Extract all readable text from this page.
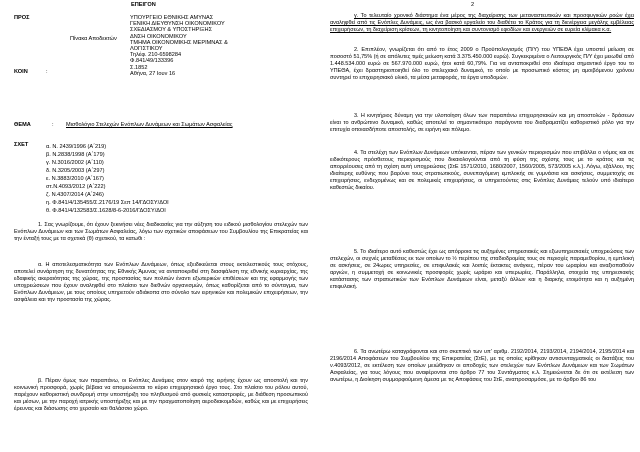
ΕΠΕΙΓΟΝ
ΠΡΟΣ
Πίνακα Αποδεκτών
ΚΟΙΝ	:
ΥΠΟΥΡΓΕΙΟ ΕΘΝΙΚΗΣ ΑΜΥΝΑΣ
ΓΕΝΙΚΗ ΔΙΕΥΘΥΝΣΗ ΟΙΚΟΝΟΜΙΚΟΥ
ΣΧΕΔΙΑΣΜΟΥ & ΥΠΟΣΤΗΡΙΞΗΣ
ΔΝΣΗ ΟΙΚΟΝΟΜΙΚΟΥ
ΤΜΗΜΑ ΟΙΚΟΝΟΜΙΚΗΣ ΜΕΡΙΜΝΑΣ &
ΛΟΓΙΣΤΙΚΟΥ
Τηλέφ. 210-6598284
Φ.841/49/133396
Σ.1852
Αθήνα, 27 Ιουν 16
ΘΕΜΑ	: Μισθολόγιο Στελεχών Ενόπλων Δυνάμεων και Σωμάτων Ασφαλείας
ΣΧΕΤ	α. Ν. 2439/1996 (Α΄219)
β. Ν.2838/1998 (Α΄179)
γ. Ν.3016/2002 (Α΄110)
δ. Ν.3205/2003 (Α΄297)
ε. Ν.3883/2010 (Α΄167)
στ.Ν.4093/2012 (Α΄222)
ζ. Ν.4307/2014 (Α΄246)
η. Φ.841/4/135455/Σ.2176/19 Σεπ 14/ΓΔΟΣΥ/ΔΟΙ
θ. Φ.841/4/132583/Σ.1628/8-6-2016/ΓΔΟΣΥ/ΔΟΙ
1. Σας γνωρίζουμε, ότι έχουν ξεκινήσει νέες διαδικασίες για την αύξηση του ειδικού μισθολογίου στελεχών των Ενόπλων Δυνάμεων και των Σωμάτων Ασφαλείας, λόγω των σχετικών αποφάσεων του Συμβουλίου της Επικρατείας και την ένταξή τους με τα σχετικά (θ) σχετικού, τα κατωθι :
α. Η αποτελεσματικότητα των Ενόπλων Δυνάμεων, όπως εξειδικεύεται στους εκτελεστικούς τους στόχους, αποτελεί συνάρτηση της δυνατότητας της Εθνικής Άμυνας να ανταποκριθεί στη διασφάλιση της εθνικής κυριαρχίας, της εδαφικής ακεραιότητας της χώρας, της προστασίας των πολιτών έναντι εξωτερικών επιθέσεων και της εφαρμογής των υποχρεώσεων που έχουν αναληφθεί στο πλαίσιο των διεθνών οργανισμών, όπως καθορίζεται από το σύνταγμα, των Ενόπλων Δυνάμεων, με τους οποίους υπηρετούν αδιάκοπα στο σύνολο των ειρηνικών και πολεμικών επιχειρήσεων, την ασφάλεια και την προστασία της χώρας.
β. Πέραν όμως των παραπάνω, οι Ενόπλες Δυνάμεις στον καιρό της ειρήνης έχουν ως αποστολή και την κοινωνική προσφορά, χωρίς βέβαια να απομειώνεται το κύριο επιχειρησιακό έργο τους. Στο πλαίσιο του ρόλου αυτού, παρέχουν καθοριστική συνδρομή στην υποστήριξη του πληθυσμού από φυσικές καταστροφές, με διάθεση προσωπικού και μέσων, με την παροχή ιατρικής υποστήριξης και με την πραγματοποίηση αεροδιακομιδών, καθώς και με επιχειρήσεις έρευνας και διάσωσης στο χερσαίο και θαλάσσιο χώρο.
2
γ. Το τελευταίο χρονικό διάστημα ένα μέρος της διαχείρισης των μεταναστευτικών και προσφυγικών ροών έχει αναληφθεί από τις Ενόπλες Δυνάμεις, ως ένα βασικό εργαλείο του διαθέτει το Κράτος για τη διενέργεια μεγάλης εμβέλειας επιχειρήσεων, τη διαχείριση κρίσεων, τη κινητοποίηση και συντονισμό εφοδίων και ενεργειών σε ευρεία κλίμακα κ.α.
2. Επιπλέον, γνωρίζεται ότι από το έτος 2009 ο Προϋπολογισμός (Π/Υ) του ΥΠΕΘΑ έχει υποστεί μείωση σε ποσοστό 51,75% (ή σε απόλυτες τιμές μείωση κατά 3.375.450.000 ευρώ). Συγκεκριμένα ο Λειτουργικός Π/Υ έχει μειωθεί από 1.448.534.000 ευρώ σε 567.970.000 ευρώ, ήτοι κατά 60,79%. Για να ανταποκριθεί στο ιδιαίτερα σημαντικό έργο του το ΥΠΕΘΑ, έχει δραστηριοποιηθεί όλο το στελεχιακό δυναμικό, το οποίο με προσωπικό κόστος μη αμοιβόμενου χρόνου συντηρεί το επιχειρησιακό υλικό, τα μέσα μεταφοράς, τα έργα υποδομών.
3. Η κινητήριος δύναμη για την υλοποίηση όλων των παραπάνω επιχειρησιακών και μη αποστολών - δράσεων είναι το ανθρώπινο δυναμικό, καθώς αποτελεί το σημαντικότερο παράγοντα του διαδραματίζει καθοριστικό ρόλο για την επιτυχία οποιασδήποτε αποστολής, σε ειρήνη και πόλεμο.
4. Τα στελέχη των Ενόπλων Δυνάμεων υπόκεινται, πέραν των γενικών περιορισμών που επιβάλλει ο νόμος και σε ειδικότερους πρόσθετους περιορισμούς που δικαιολογούνται από τη φύση της σχέσης τους με το κράτος και τις απορρέουσες από τη σχέση αυτή υποχρεώσεις (ΣτΕ 1571/2010, 1680/2007, 1560/2005, 573/2005 κ.λ.). Λόγω, εξάλλου, της ιδιαίτερης ευθύνης που βαρύνει τους στρατιωτικούς, συνεπαγόμενη εμπλοκής σε γυμνάσια και ασκήσεις, συμμετοχής σε επιχειρήσεις, ενδεχομένως και σε πολεμικές επιχειρήσεις, οι υπηρετούντες στις Ενόπλες Δυνάμεις τελούν υπό ιδιαίτερο καθεστώς δικαίου.
5. Το ιδιαίτερο αυτό καθεστώς έχει ως απόρροια τις αυξημένες υπηρεσιακές και εξωυπηρεσιακές υποχρεώσεις των στελεχών, οι συχνές μεταθέσεις εκ των οποίων το ½ περίπου της σταδιοδρομίας τους σε περιοχές παραμεθορίου, η εμπλοκή σε ασκήσεις, σε 24ωρες υπηρεσίες, σε επιφυλακές και λοιπές έκτακτες ανάγκες, πέραν του ωραρίου και αναξιοπαθούν αργιών, η συμμετοχή σε κοινωνικές προσφορές χωρίς ωράριο και υπερωρίες. Παράλληλα, στοιχεία της υπηρεσιακής κατάστασης των στρατιωτικών των Ενόπλων Δυνάμεων είναι, μεταξύ άλλων και η διαρκής ετοιμότητα και η αυξημένη επιφυλακή.
6. Τα ανωτέρω καταγράφονται και στο σκεπτικό των υπ' αριθμ. 2192/2014, 2193/2014, 2194/2014, 2195/2014 και 2196/2014 Αποφάσεων του Συμβουλίου της Επικρατείας (ΣτΕ), με τις οποίες κρίθηκαν αντισυνταγματικές οι διατάξεις του ν.4093/2012, σε εκτέλεση των οποίων μειώθηκαν οι αποδοχές των στελεχών των Ενόπλων Δυνάμεων και των Σωμάτων Ασφαλείας, για τους λόγους που αναφέρονται στο άρθρο 77 του Συντάγματος κ.λ. Σημειώνεται δε ότι σε εκτέλεση των ανωτέρω, η Διοίκηση συμμορφούμενη άμεσα με τις Αποφάσεις του ΣτΕ, αναπροσαρμόσε, με το άρθρο 86 του
